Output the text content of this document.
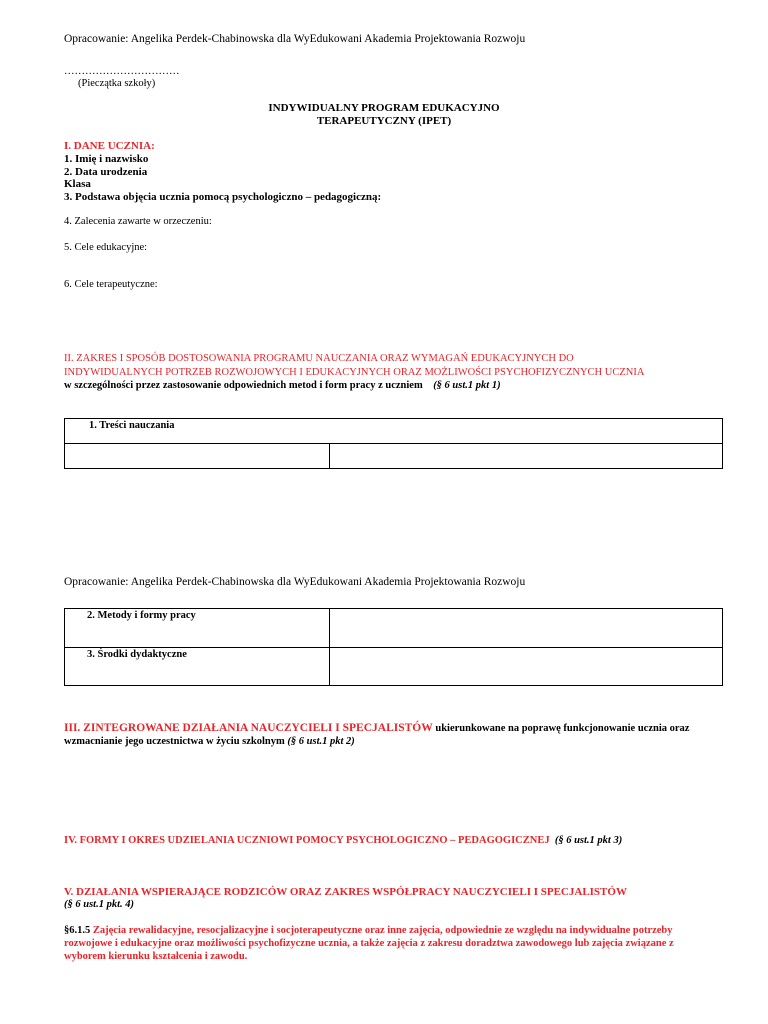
Opracowanie: Angelika Perdek-Chabinowska dla WyEdukowani Akademia Projektowania Rozwoju
……………………………
(Pieczątka szkoły)
INDYWIDUALNY PROGRAM EDUKACYJNO
TERAPEUTYCZNY (IPET)
I. DANE UCZNIA:
1. Imię i nazwisko
2. Data urodzenia
Klasa
3. Podstawa objęcia ucznia pomocą psychologiczno – pedagogiczną:
4. Zalecenia zawarte w orzeczeniu:
5. Cele edukacyjne:
6. Cele terapeutyczne:
II. ZAKRES I SPOSÓB DOSTOSOWANIA PROGRAMU NAUCZANIA ORAZ WYMAGAŃ EDUKACYJNYCH DO
INDYWIDUALNYCH POTRZEB ROZWOJOWYCH I EDUKACYJNYCH ORAZ MOŻLIWOŚCI PSYCHOFIZYCZNYCH UCZNIA
w szczególności przez zastosowanie odpowiednich metod i form pracy z uczniem (§ 6 ust.1 pkt 1)
1. Treści nauczania
Opracowanie: Angelika Perdek-Chabinowska dla WyEdukowani Akademia Projektowania Rozwoju
2. Metody i formy pracy
3. Środki dydaktyczne
III. ZINTEGROWANE DZIAŁANIA NAUCZYCIELI I SPECJALISTÓW ukierunkowane na poprawę funkcjonowanie ucznia oraz
wzmacnianie jego uczestnictwa w życiu szkolnym (§ 6 ust.1 pkt 2)
IV. FORMY I OKRES UDZIELANIA UCZNIOWI POMOCY PSYCHOLOGICZNO – PEDAGOGICZNEJ (§ 6 ust.1 pkt 3)
V. DZIAŁANIA WSPIERAJĄCE RODZICÓW ORAZ ZAKRES WSPÓŁPRACY NAUCZYCIELI I SPECJALISTÓW
(§ 6 ust.1 pkt. 4)
§6.1.5 Zajęcia rewalidacyjne, resocjalizacyjne i socjoterapeutyczne oraz inne zajęcia, odpowiednie ze względu na indywidualne potrzeby rozwojowe i edukacyjne oraz możliwości psychofizyczne ucznia, a także zajęcia z zakresu doradztwa zawodowego lub zajęcia związane z wyborem kierunku kształcenia i zawodu.
